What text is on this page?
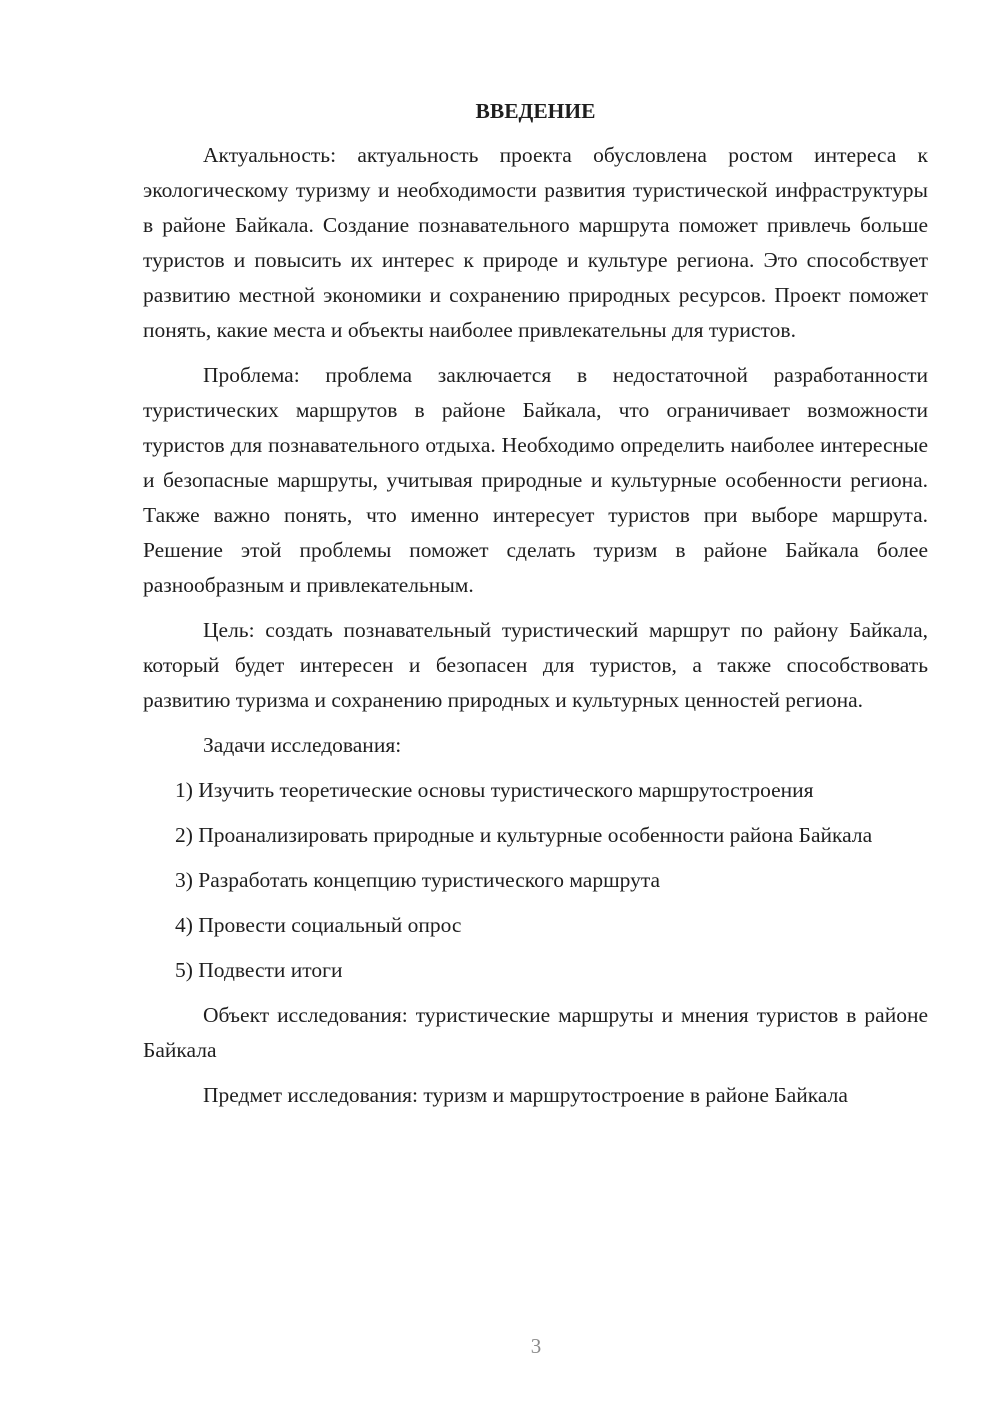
ВВЕДЕНИЕ

Актуальность: актуальность проекта обусловлена ростом интереса к экологическому туризму и необходимости развития туристической инфраструктуры в районе Байкала. Создание познавательного маршрута поможет привлечь больше туристов и повысить их интерес к природе и культуре региона. Это способствует развитию местной экономики и сохранению природных ресурсов. Проект поможет понять, какие места и объекты наиболее привлекательны для туристов.

Проблема: проблема заключается в недостаточной разработанности туристических маршрутов в районе Байкала, что ограничивает возможности туристов для познавательного отдыха. Необходимо определить наиболее интересные и безопасные маршруты, учитывая природные и культурные особенности региона. Также важно понять, что именно интересует туристов при выборе маршрута. Решение этой проблемы поможет сделать туризм в районе Байкала более разнообразным и привлекательным.

Цель: создать познавательный туристический маршрут по району Байкала, который будет интересен и безопасен для туристов, а также способствовать развитию туризма и сохранению природных и культурных ценностей региона.

Задачи исследования:

1) Изучить теоретические основы туристического маршрутостроения

2) Проанализировать природные и культурные особенности района Байкала

3) Разработать концепцию туристического маршрута

4) Провести социальный опрос

5) Подвести итоги

Объект исследования: туристические маршруты и мнения туристов в районе Байкала

Предмет исследования: туризм и маршрутостроение в районе Байкала

3
